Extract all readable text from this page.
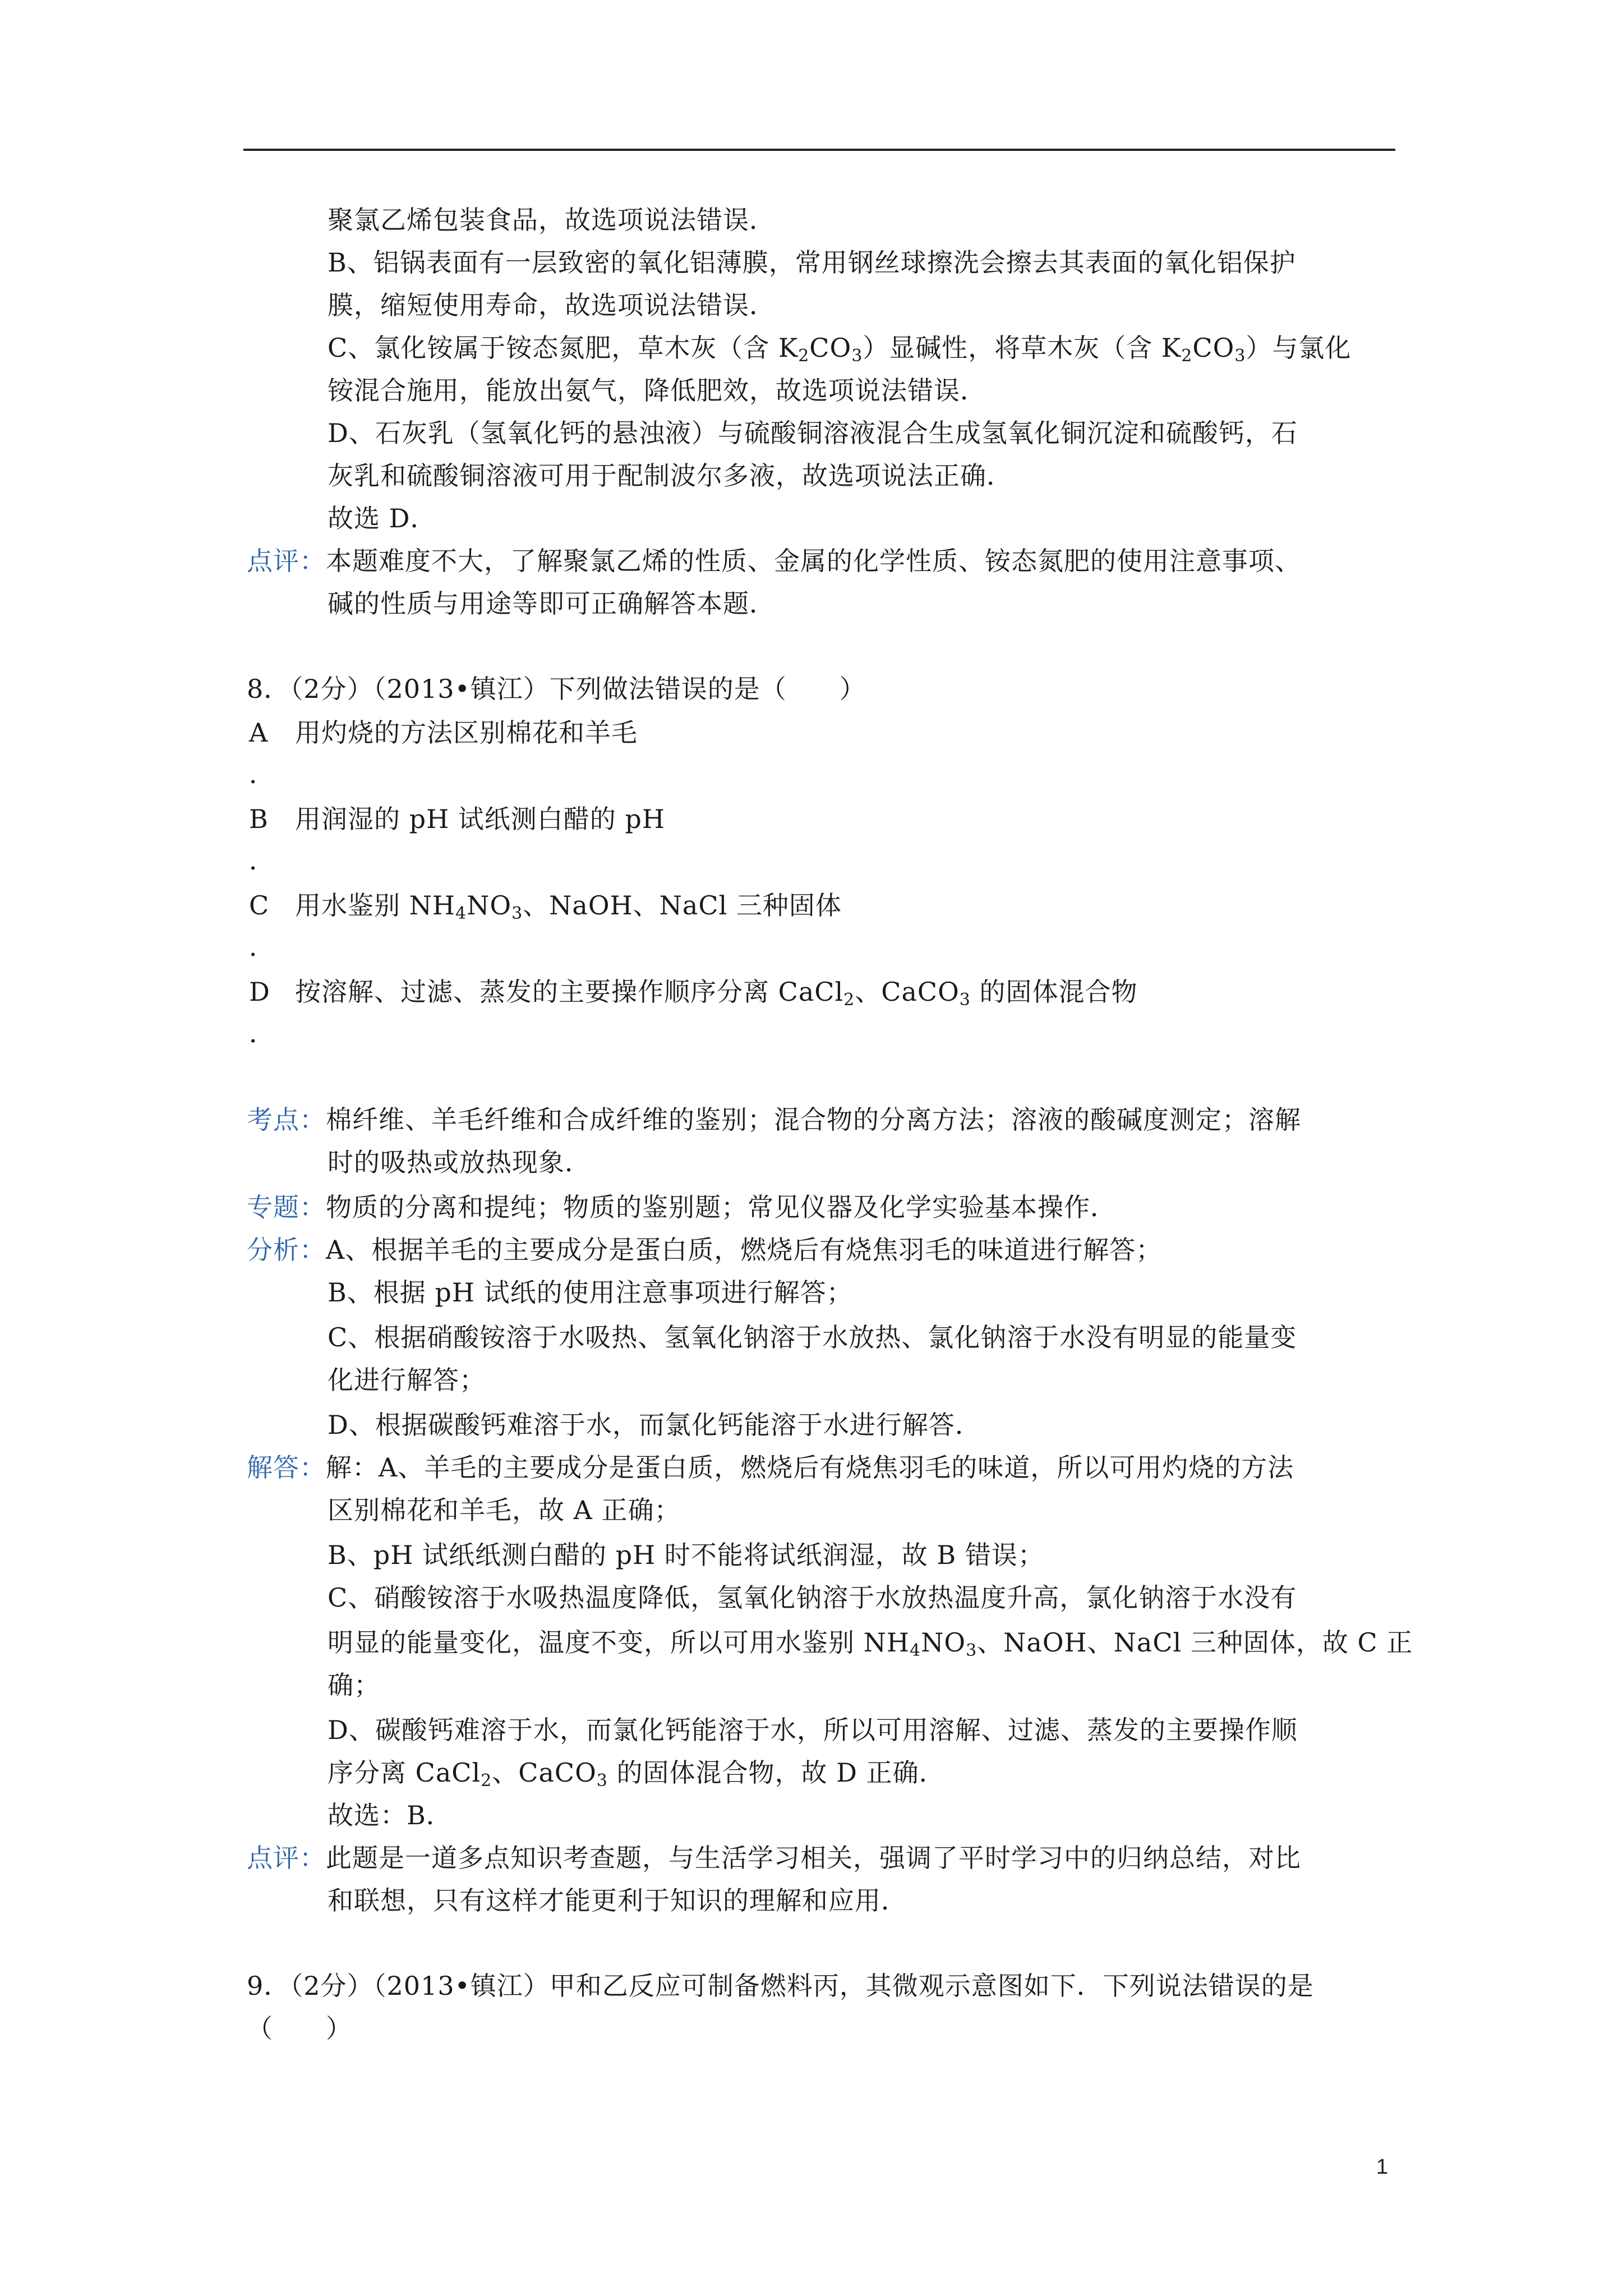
聚氯乙烯包装食品，故选项说法错误．
B、铝锅表面有一层致密的氧化铝薄膜，常用钢丝球擦洗会擦去其表面的氧化铝保护
膜，缩短使用寿命，故选项说法错误．
C、氯化铵属于铵态氮肥，草木灰（含 $K_2CO_3$）显碱性，将草木灰（含 $K_2CO_3$）与氯化
铵混合施用，能放出氨气，降低肥效，故选项说法错误．
D、石灰乳（氢氧化钙的悬浊液）与硫酸铜溶液混合生成氢氧化铜沉淀和硫酸钙，石
灰乳和硫酸铜溶液可用于配制波尔多液，故选项说法正确．
故选 D．
点评：本题难度不大，了解聚氯乙烯的性质、金属的化学性质、铵态氮肥的使用注意事项、
碱的性质与用途等即可正确解答本题．
8．（2分）（2013•镇江）下列做法错误的是（　　）
A 用灼烧的方法区别棉花和羊毛
．
B 用润湿的 pH 试纸测白醋的 pH
．
C 用水鉴别 $NH_4NO_3$、NaOH、NaCl 三种固体
．
D 按溶解、过滤、蒸发的主要操作顺序分离 CaCl$_2$、CaCO$_3$ 的固体混合物
．
考点：棉纤维、羊毛纤维和合成纤维的鉴别；混合物的分离方法；溶液的酸碱度测定；溶解
时的吸热或放热现象．
专题：物质的分离和提纯；物质的鉴别题；常见仪器及化学实验基本操作．
分析：A、根据羊毛的主要成分是蛋白质，燃烧后有烧焦羽毛的味道进行解答；
B、根据 pH 试纸的使用注意事项进行解答；
C、根据硝酸铵溶于水吸热、氢氧化钠溶于水放热、氯化钠溶于水没有明显的能量变
化进行解答；
D、根据碳酸钙难溶于水，而氯化钙能溶于水进行解答．
解答：解：A、羊毛的主要成分是蛋白质，燃烧后有烧焦羽毛的味道，所以可用灼烧的方法
区别棉花和羊毛，故 A 正确；
B、pH 试纸纸测白醋的 pH 时不能将试纸润湿，故 B 错误；
C、硝酸铵溶于水吸热温度降低，氢氧化钠溶于水放热温度升高，氯化钠溶于水没有
明显的能量变化，温度不变，所以可用水鉴别 $NH_4NO_3$、NaOH、NaCl 三种固体，故 C 正
确；
D、碳酸钙难溶于水，而氯化钙能溶于水，所以可用溶解、过滤、蒸发的主要操作顺
序分离 CaCl$_2$、CaCO$_3$ 的固体混合物，故 D 正确．
故选：B．
点评：此题是一道多点知识考查题，与生活学习相关，强调了平时学习中的归纳总结，对比
和联想，只有这样才能更利于知识的理解和应用．
9．（2分）（2013•镇江）甲和乙反应可制备燃料丙，其微观示意图如下．下列说法错误的是
（　　）
1
